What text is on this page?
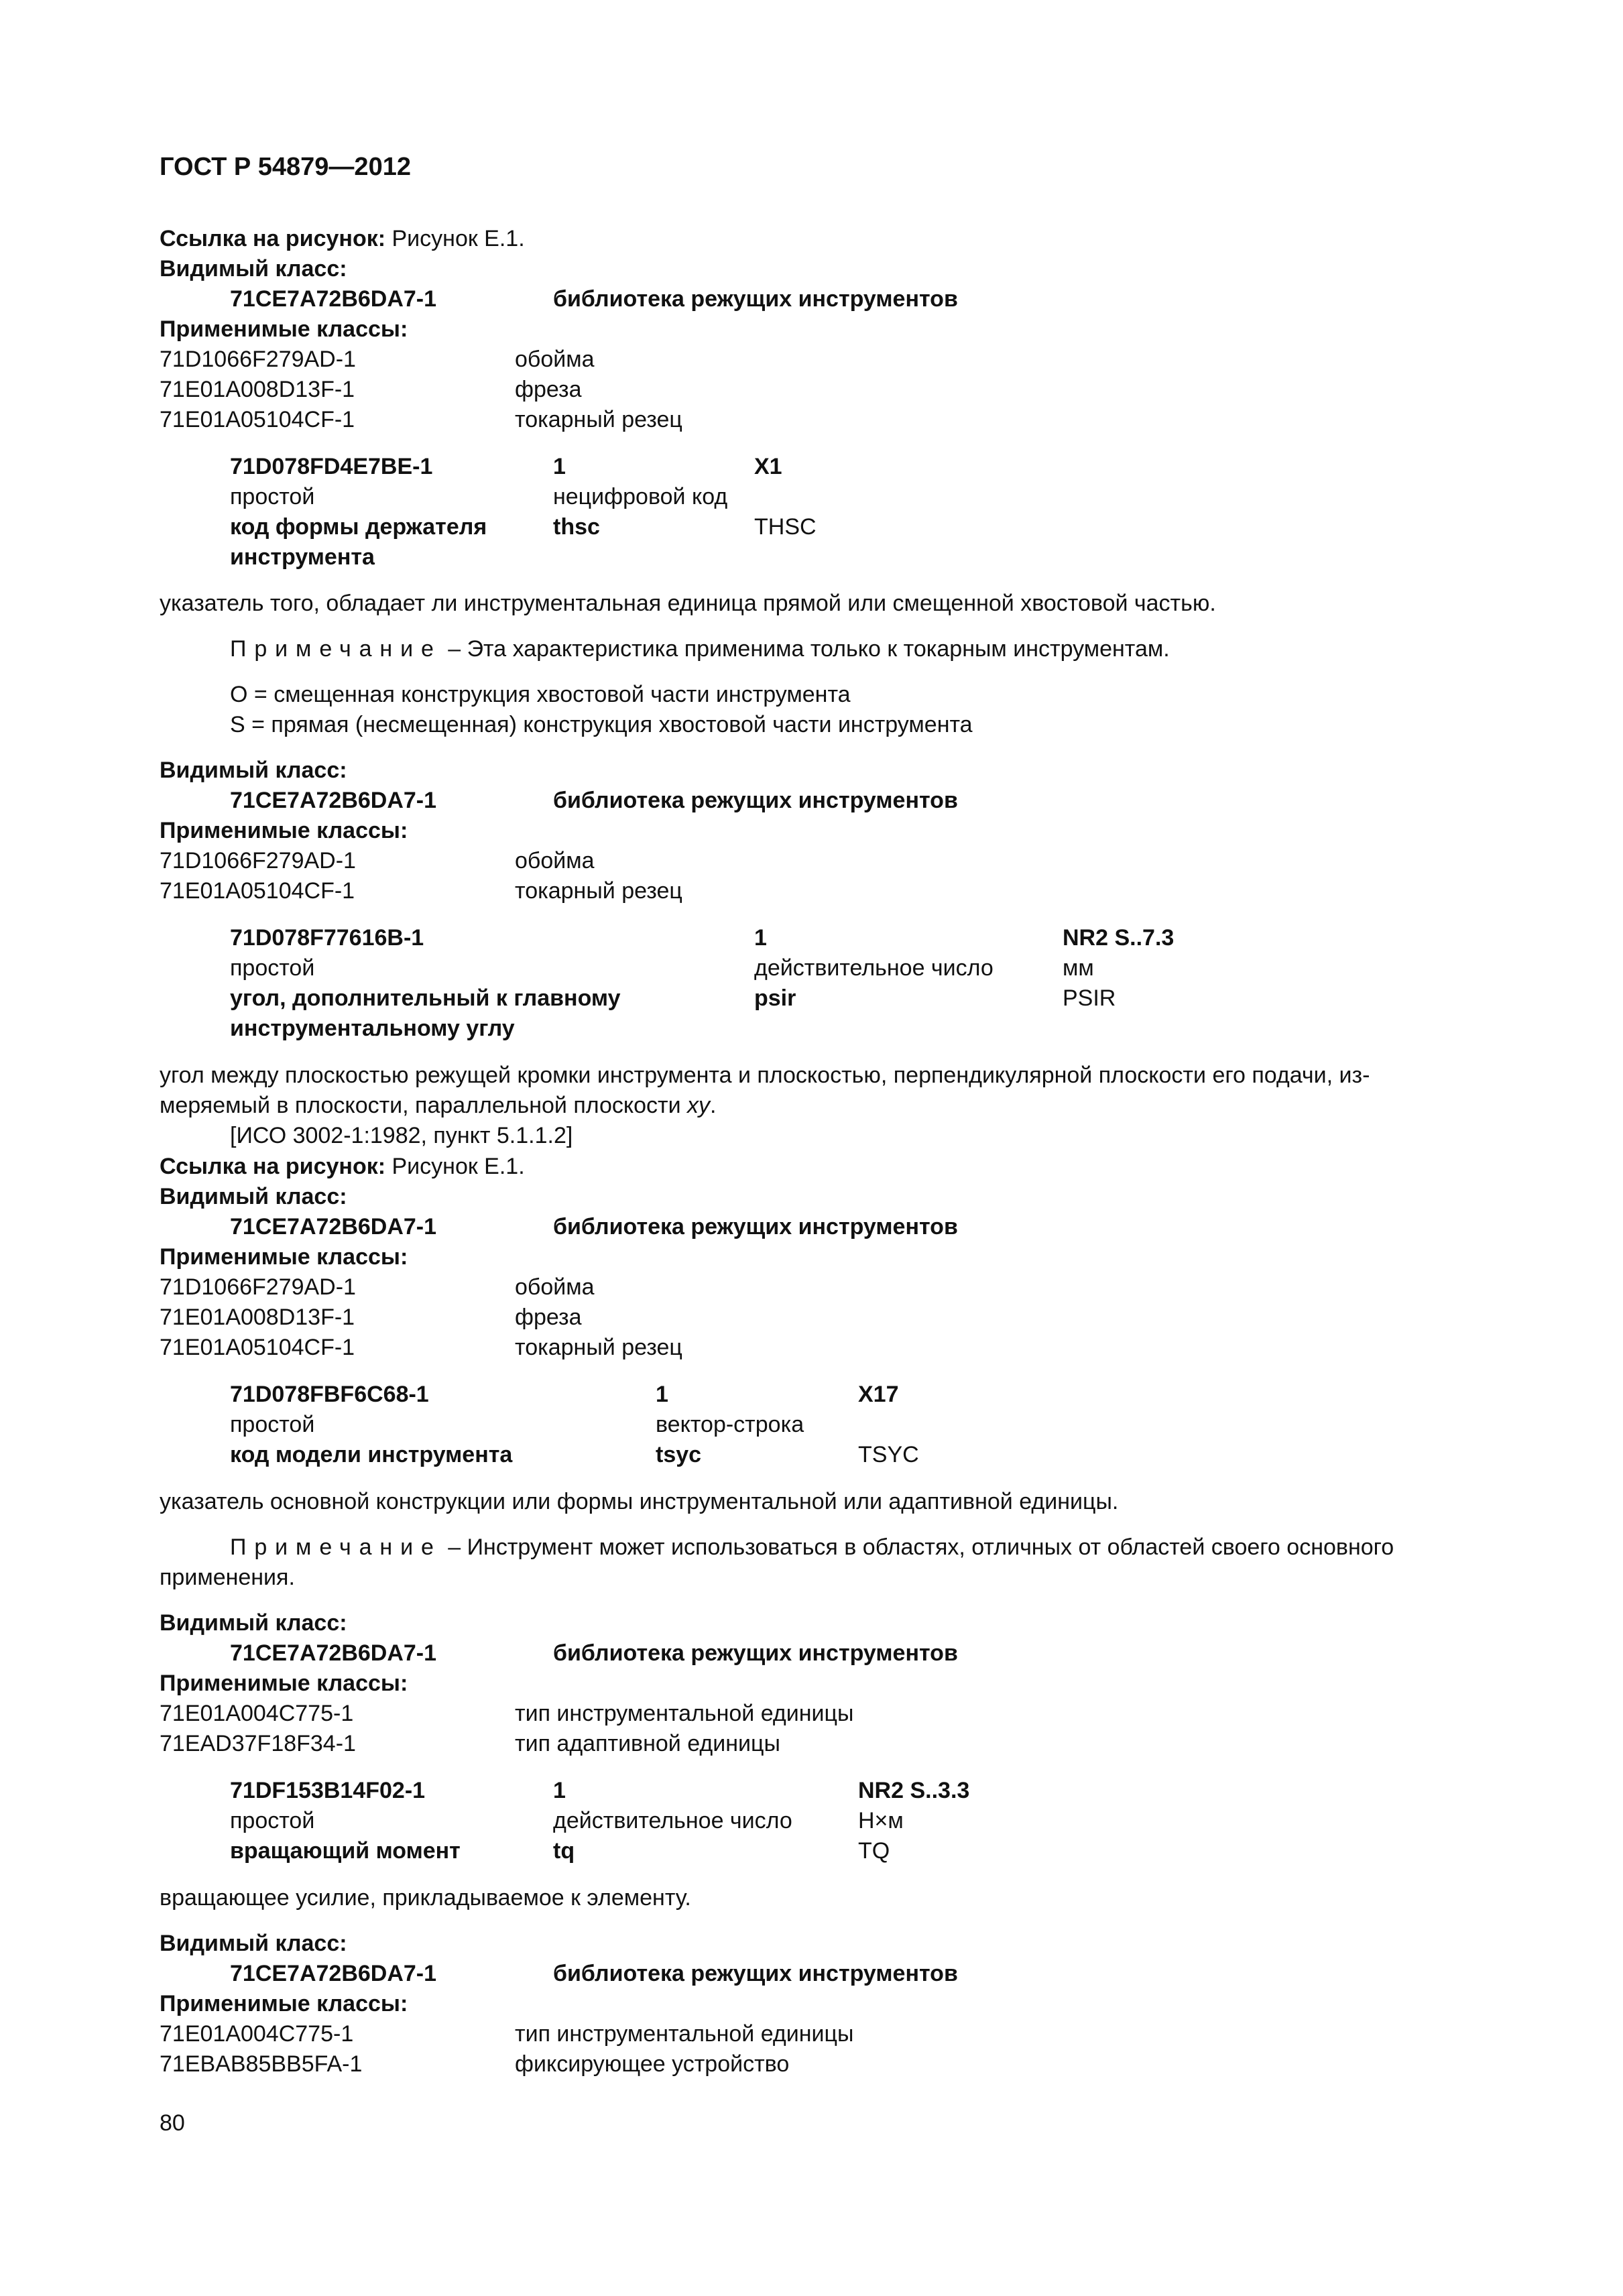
ГОСТ Р 54879—2012
Ссылка на рисунок: Рисунок Е.1.
Видимый класс:
71CE7A72B6DA7-1	библиотека режущих инструментов
Применимые классы:
71D1066F279AD-1	обойма
71E01A008D13F-1	фреза
71E01A05104CF-1	токарный резец
71D078FD4E7BE-1	1	X1
простой	нецифровой код
код формы держателя	thsc	THSC
инструмента
указатель того, обладает ли инструментальная единица прямой или смещенной хвостовой частью.
Примечание – Эта характеристика применима только к токарным инструментам.
O = смещенная конструкция хвостовой части инструмента
S = прямая (несмещенная) конструкция хвостовой части инструмента
Видимый класс:
71CE7A72B6DA7-1	библиотека режущих инструментов
Применимые классы:
71D1066F279AD-1	обойма
71E01A05104CF-1	токарный резец
71D078F77616B-1	1	NR2 S..7.3
простой	действительное число	мм
угол, дополнительный к главному	psir	PSIR
инструментальному углу
угол между плоскостью режущей кромки инструмента и плоскостью, перпендикулярной плоскости его подачи, из-
меряемый в плоскости, параллельной плоскости xy.
[ИСО 3002-1:1982, пункт 5.1.1.2]
Ссылка на рисунок: Рисунок Е.1.
Видимый класс:
71CE7A72B6DA7-1	библиотека режущих инструментов
Применимые классы:
71D1066F279AD-1	обойма
71E01A008D13F-1	фреза
71E01A05104CF-1	токарный резец
71D078FBF6C68-1	1	X17
простой	вектор-строка
код модели инструмента	tsyc	TSYC
указатель основной конструкции или формы инструментальной или адаптивной единицы.
Примечание – Инструмент может использоваться в областях, отличных от областей своего основного
применения.
Видимый класс:
71CE7A72B6DA7-1	библиотека режущих инструментов
Применимые классы:
71E01A004C775-1	тип инструментальной единицы
71EAD37F18F34-1	тип адаптивной единицы
71DF153B14F02-1	1	NR2 S..3.3
простой	действительное число	Н×м
вращающий момент	tq	TQ
вращающее усилие, прикладываемое к элементу.
Видимый класс:
71CE7A72B6DA7-1	библиотека режущих инструментов
Применимые классы:
71E01A004C775-1	тип инструментальной единицы
71EBAB85BB5FA-1	фиксирующее устройство
80
